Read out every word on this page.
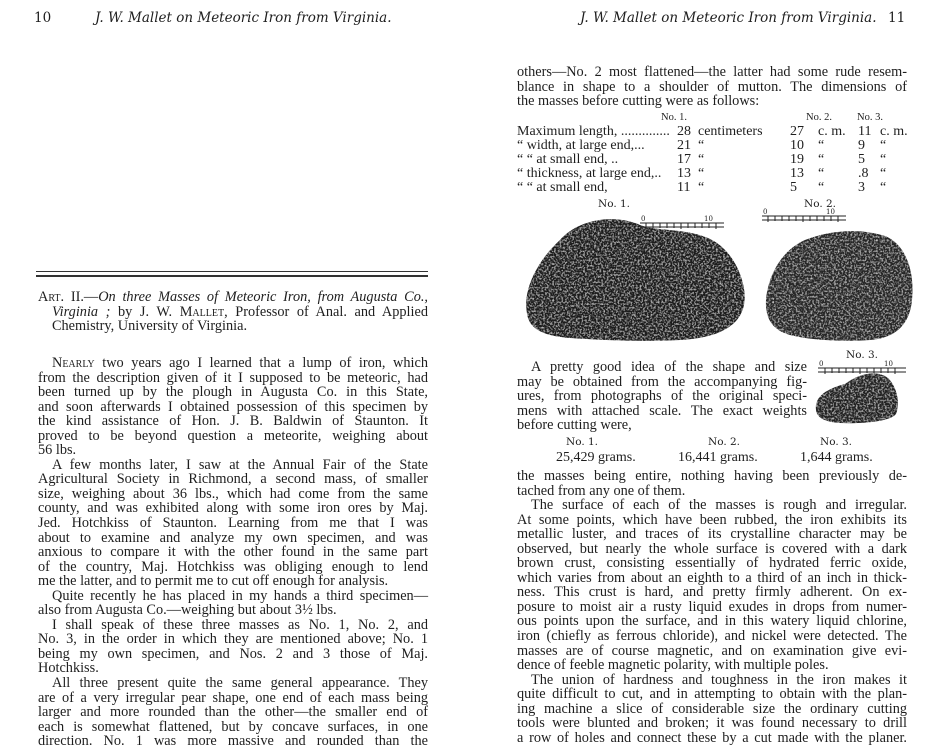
10	J. W. Mallet on Meteoric Iron from Virginia.
Art. II.—On three Masses of Meteoric Iron, from Augusta Co.,
Virginia ; by J. W. Mallet, Professor of Anal. and Applied
Chemistry, University of Virginia.
Nearly two years ago I learned that a lump of iron, which
from the description given of it I supposed to be meteoric, had
been turned up by the plough in Augusta Co. in this State,
and soon afterwards I obtained possession of this specimen by
the kind assistance of Hon. J. B. Baldwin of Staunton. It
proved to be beyond question a meteorite, weighing about
56 lbs.
A few months later, I saw at the Annual Fair of the State
Agricultural Society in Richmond, a second mass, of smaller
size, weighing about 36 lbs., which had come from the same
county, and was exhibited along with some iron ores by Maj.
Jed. Hotchkiss of Staunton. Learning from me that I was
about to examine and analyze my own specimen, and was
anxious to compare it with the other found in the same part
of the country, Maj. Hotchkiss was obliging enough to lend
me the latter, and to permit me to cut off enough for analysis.
Quite recently he has placed in my hands a third specimen—
also from Augusta Co.—weighing but about 3½ lbs.
I shall speak of these three masses as No. 1, No. 2, and
No. 3, in the order in which they are mentioned above; No. 1
being my own specimen, and Nos. 2 and 3 those of Maj.
Hotchkiss.
All three present quite the same general appearance. They
are of a very irregular pear shape, one end of each mass being
larger and more rounded than the other—the smaller end of
each is somewhat flattened, but by concave surfaces, in one
direction. No. 1 was more massive and rounded than the
J. W. Mallet on Meteoric Iron from Virginia. 11
others—No. 2 most flattened—the latter had some rude resem-
blance in shape to a shoulder of mutton. The dimensions of
the masses before cutting were as follows:
No. 1.	No. 2. No. 3.
Maximum length, .............. 28 centimeters 27 c. m. 11 c. m.
“ width, at large end,... 21 “	10 “ 9 “
“ “ at small end, ..	17 “	19 “ 5 “
“ thickness, at large end,.. 13 “	13 “ .8 “
“ “ at small end,	11 “	5 “ 3 “
No. 1.	No. 2.
No. 3.
0	10
0	10
0	10
A pretty good idea of the shape and size
may be obtained from the accompanying fig-
ures, from photographs of the original speci-
mens with attached scale. The exact weights
before cutting were,
No. 1.	No. 2.	No. 3.
25,429 grams.	16,441 grams.	1,644 grams.
the masses being entire, nothing having been previously de-
tached from any one of them.
The surface of each of the masses is rough and irregular.
At some points, which have been rubbed, the iron exhibits its
metallic luster, and traces of its crystalline character may be
observed, but nearly the whole surface is covered with a dark
brown crust, consisting essentially of hydrated ferric oxide,
which varies from about an eighth to a third of an inch in thick-
ness. This crust is hard, and pretty firmly adherent. On ex-
posure to moist air a rusty liquid exudes in drops from numer-
ous points upon the surface, and in this watery liquid chlorine,
iron (chiefly as ferrous chloride), and nickel were detected. The
masses are of course magnetic, and on examination give evi-
dence of feeble magnetic polarity, with multiple poles.
The union of hardness and toughness in the iron makes it
quite difficult to cut, and in attempting to obtain with the plan-
ing machine a slice of considerable size the ordinary cutting
tools were blunted and broken; it was found necessary to drill
a row of holes and connect these by a cut made with the planer.
